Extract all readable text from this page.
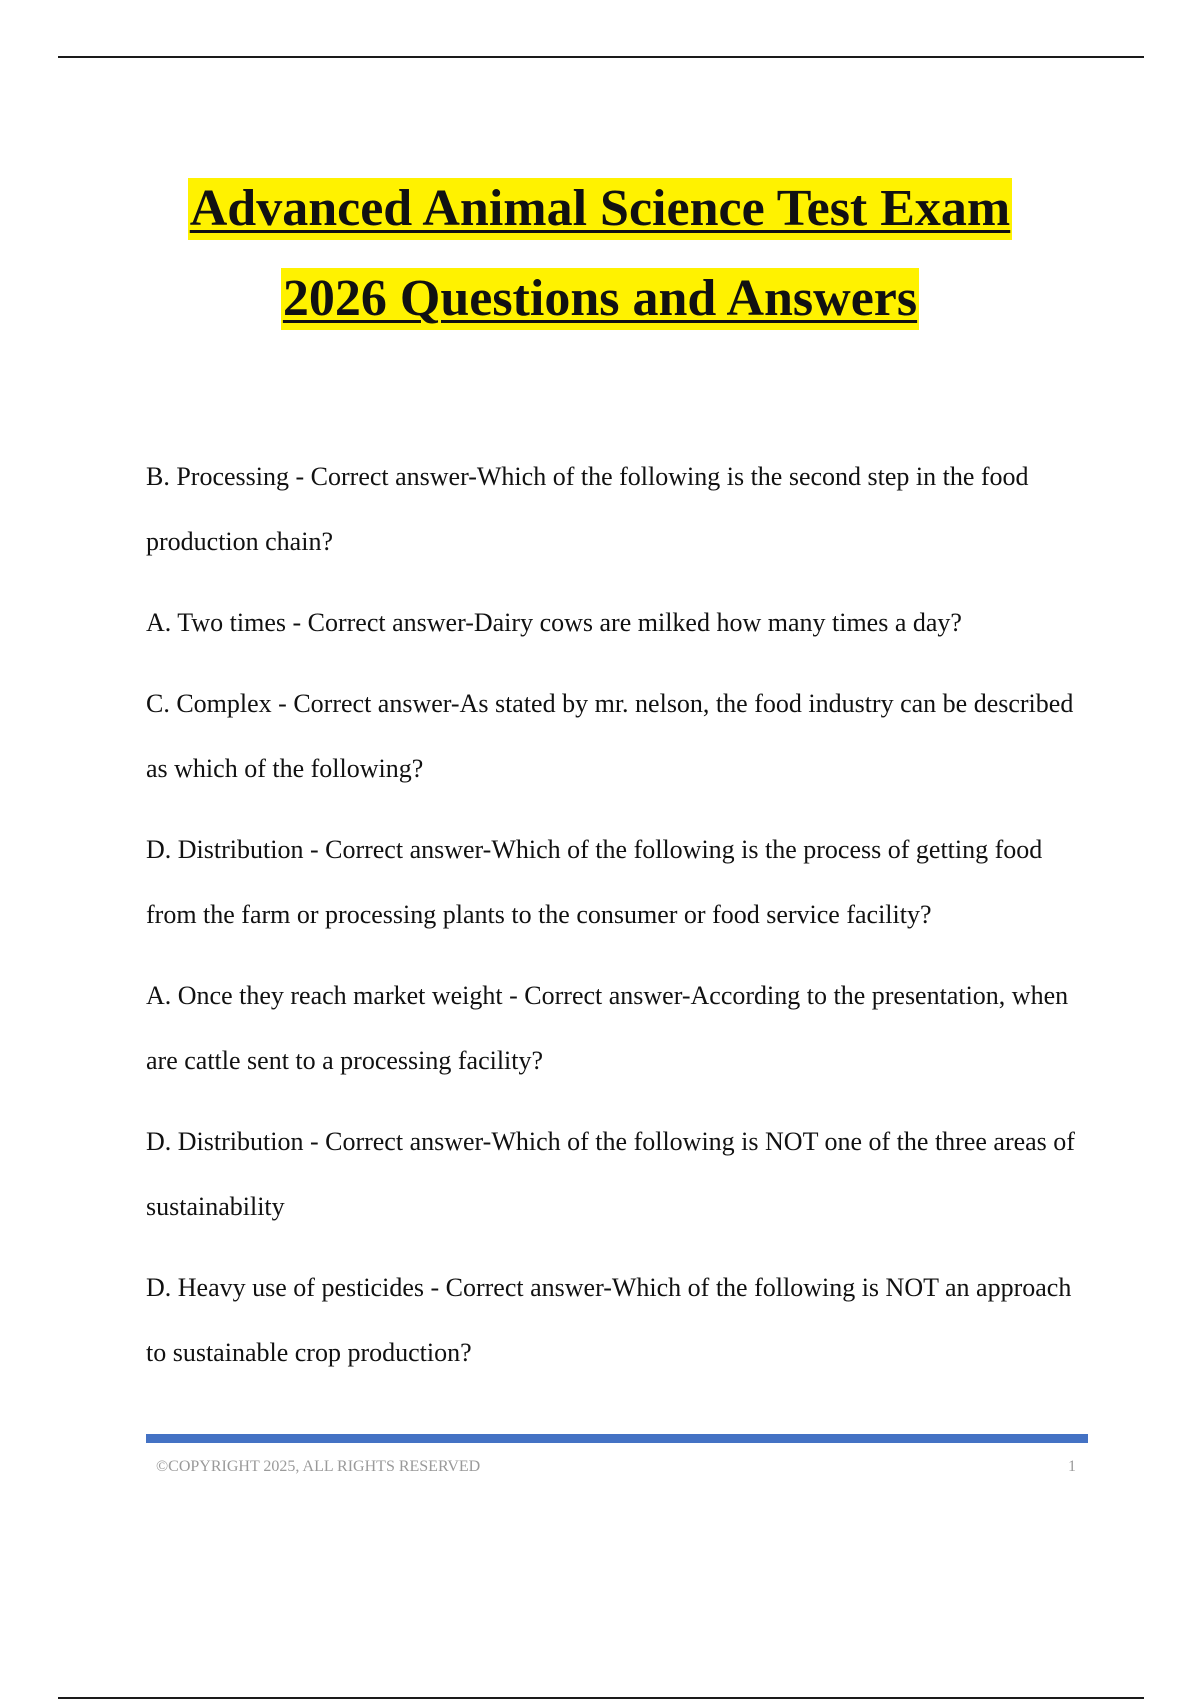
Advanced Animal Science Test Exam
2026 Questions and Answers

B. Processing - Correct answer-Which of the following is the second step in the food production chain?

A. Two times - Correct answer-Dairy cows are milked how many times a day?

C. Complex - Correct answer-As stated by mr. nelson, the food industry can be described as which of the following?

D. Distribution - Correct answer-Which of the following is the process of getting food from the farm or processing plants to the consumer or food service facility?

A. Once they reach market weight - Correct answer-According to the presentation, when are cattle sent to a processing facility?

D. Distribution - Correct answer-Which of the following is NOT one of the three areas of sustainability

D. Heavy use of pesticides - Correct answer-Which of the following is NOT an approach to sustainable crop production?

©COPYRIGHT 2025, ALL RIGHTS RESERVED	1
